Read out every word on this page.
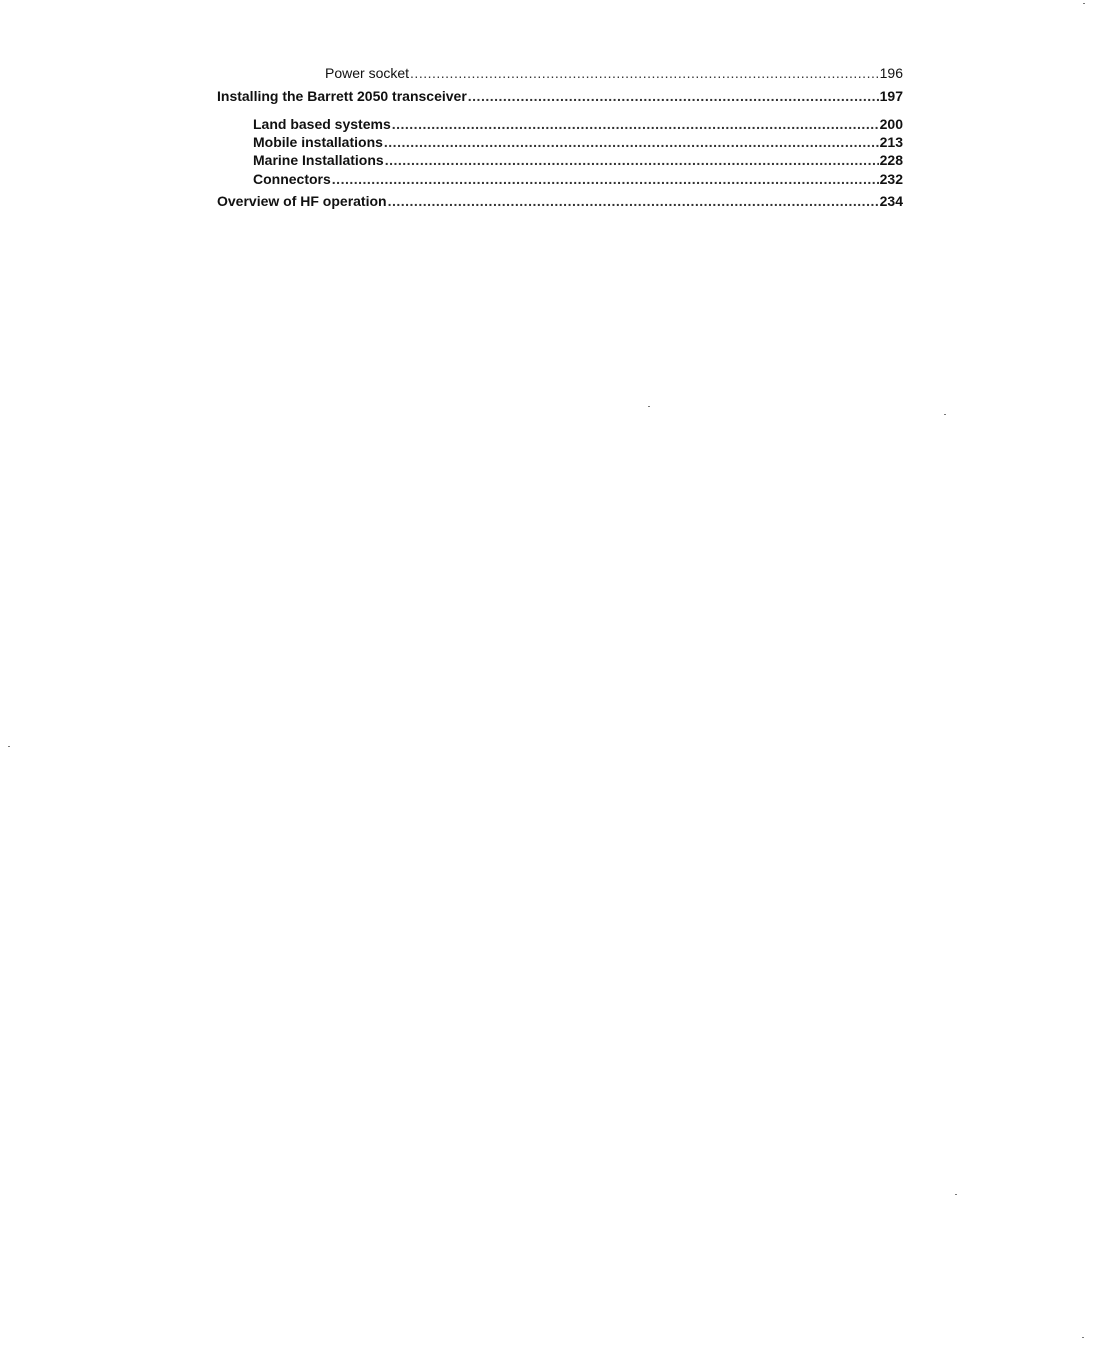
Power socket .....	196
Installing the Barrett 2050 transceiver .....	197
Land based systems .....	200
Mobile installations .....	213
Marine Installations .....	228
Connectors .....	232
Overview of HF operation .....	234
